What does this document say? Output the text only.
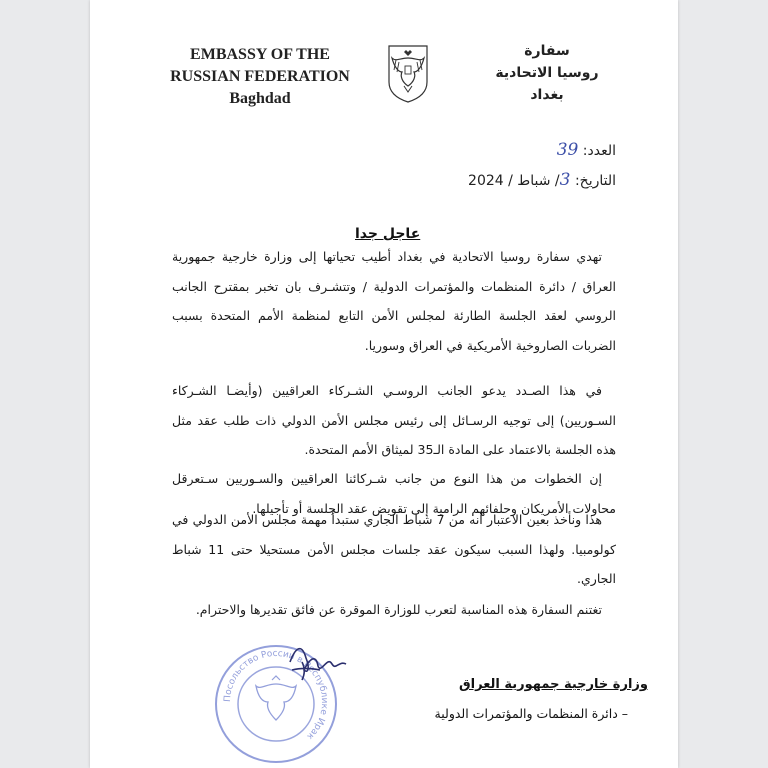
EMBASSY OF THE
RUSSIAN FEDERATION
Baghdad
سفارة
روسيا الاتحادية
بغداد
العدد: 39
التاريخ: 3/ شباط / 2024
عاجل جدا

تهدي سفارة روسيا الاتحادية في بغداد أطيب تحياتها إلى وزارة خارجية جمهورية العراق / دائرة المنظمات والمؤتمرات الدولية / وتتشـرف بان تخبر بمقترح الجانب الروسي لعقد الجلسة الطارئة لمجلس الأمن التابع لمنظمة الأمم المتحدة بسبب الضربات الصاروخية الأمريكية في العراق وسوريا.

في هذا الصـدد يدعو الجانب الروسـي الشـركاء العراقيين (وأيضـا الشـركاء السـوريين) إلى توجيه الرسـائل إلى رئيس مجلس الأمن الدولي ذات طلب عقد مثل هذه الجلسة بالاعتماد على المادة الـ35 لميثاق الأمم المتحدة.

إن الخطوات من هذا النوع من جانب شـركائنا العراقيين والسـوريين سـتعرقل محاولات الأمريكان وحلفائهم الرامية إلى تقويض عقد الجلسة أو تأجيلها.

هذا ونأخذ بعين الاعتبار أنه من 7 شباط الجاري ستبدأ مهمة مجلس الأمن الدولي في كولومبيا. ولهذا السبب سيكون عقد جلسات مجلس الأمن مستحيلا حتى 11 شباط الجاري.

تغتنم السفارة هذه المناسبة لتعرب للوزارة الموقرة عن فائق تقديرها والاحترام.

Посольство России в Республике Ирак
وزارة خارجية جمهورية العراق
– دائرة المنظمات والمؤتمرات الدولية
